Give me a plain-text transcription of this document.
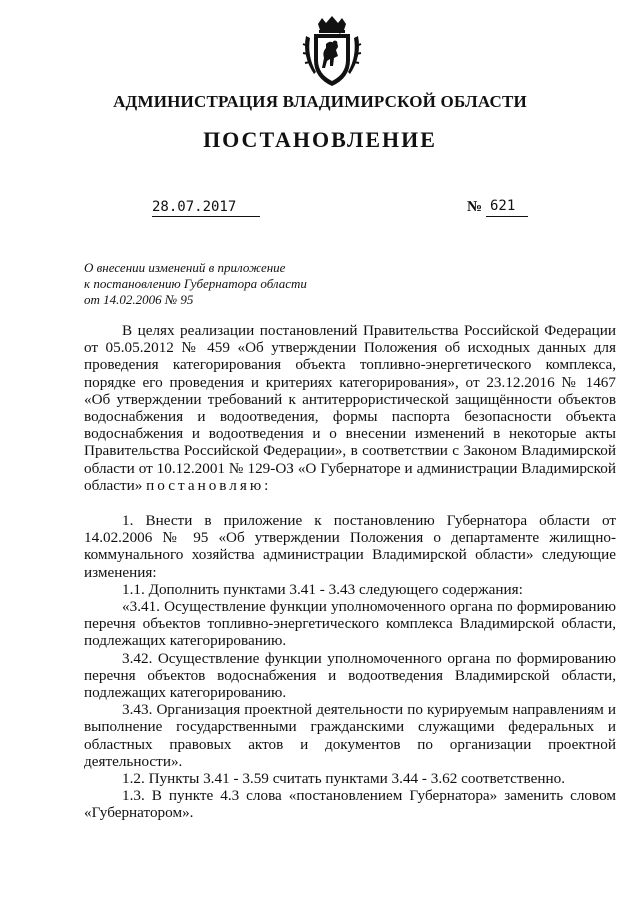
АДМИНИСТРАЦИЯ ВЛАДИМИРСКОЙ ОБЛАСТИ
ПОСТАНОВЛЕНИЕ
28.07.2017	№ 621
О внесении изменений в приложение
к постановлению Губернатора области
от 14.02.2006 № 95

В целях реализации постановлений Правительства Российской Федерации от 05.05.2012 № 459 «Об утверждении Положения об исходных данных для проведения категорирования объекта топливно-энергетического комплекса, порядке его проведения и критериях категорирования», от 23.12.2016 № 1467 «Об утверждении требований к антитеррористической защищённости объектов водоснабжения и водоотведения, формы паспорта безопасности объекта водоснабжения и водоотведения и о внесении изменений в некоторые акты Правительства Российской Федерации», в соответствии с Законом Владимирской области от 10.12.2001 № 129-ОЗ «О Губернаторе и администрации Владимирской области» постановляю:

1. Внести в приложение к постановлению Губернатора области от 14.02.2006 № 95 «Об утверждении Положения о департаменте жилищно-коммунального хозяйства администрации Владимирской области» следующие изменения:

1.1. Дополнить пунктами 3.41 - 3.43 следующего содержания:

«3.41. Осуществление функции уполномоченного органа по формированию перечня объектов топливно-энергетического комплекса Владимирской области, подлежащих категорированию.

3.42. Осуществление функции уполномоченного органа по формированию перечня объектов водоснабжения и водоотведения Владимирской области, подлежащих категорированию.

3.43. Организация проектной деятельности по курируемым направлениям и выполнение государственными гражданскими служащими федеральных и областных правовых актов и документов по организации проектной деятельности».

1.2. Пункты 3.41 - 3.59 считать пунктами 3.44 - 3.62 соответственно.

1.3. В пункте 4.3 слова «постановлением Губернатора» заменить словом «Губернатором».
